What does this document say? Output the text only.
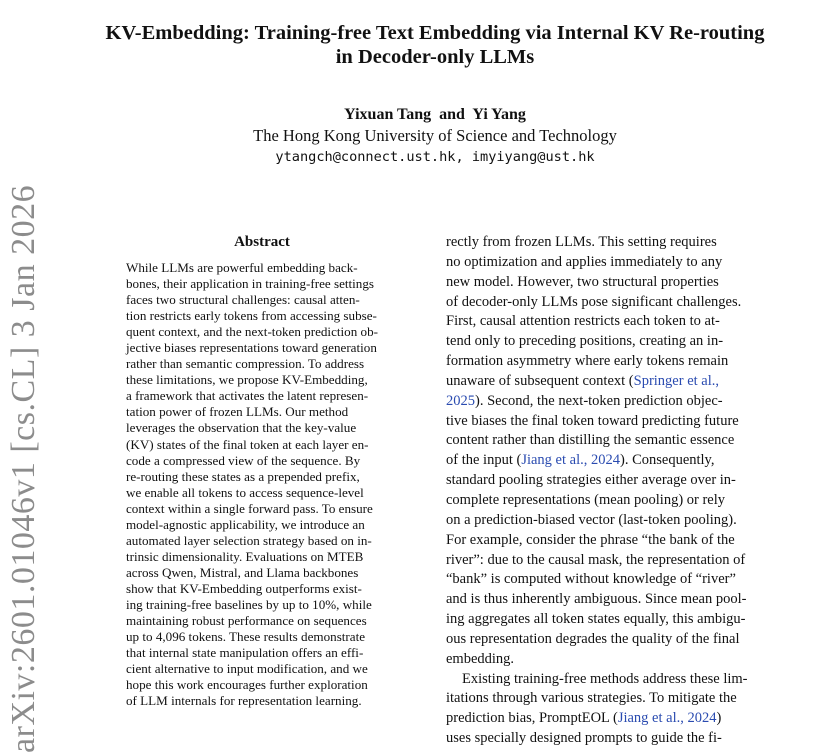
arXiv:2601.01046v1 [cs.CL] 3 Jan 2026
KV-Embedding: Training-free Text Embedding via Internal KV Re-routing
in Decoder-only LLMs
Yixuan Tang  and  Yi Yang
The Hong Kong University of Science and Technology
ytangch@connect.ust.hk, imyiyang@ust.hk
Abstract
While LLMs are powerful embedding back-
bones, their application in training-free settings
faces two structural challenges: causal atten-
tion restricts early tokens from accessing subse-
quent context, and the next-token prediction ob-
jective biases representations toward generation
rather than semantic compression. To address
these limitations, we propose KV-Embedding,
a framework that activates the latent represen-
tation power of frozen LLMs. Our method
leverages the observation that the key-value
(KV) states of the final token at each layer en-
code a compressed view of the sequence. By
re-routing these states as a prepended prefix,
we enable all tokens to access sequence-level
context within a single forward pass. To ensure
model-agnostic applicability, we introduce an
automated layer selection strategy based on in-
trinsic dimensionality. Evaluations on MTEB
across Qwen, Mistral, and Llama backbones
show that KV-Embedding outperforms exist-
ing training-free baselines by up to 10%, while
maintaining robust performance on sequences
up to 4,096 tokens. These results demonstrate
that internal state manipulation offers an effi-
cient alternative to input modification, and we
hope this work encourages further exploration
of LLM internals for representation learning.
rectly from frozen LLMs. This setting requires
no optimization and applies immediately to any
new model. However, two structural properties
of decoder-only LLMs pose significant challenges.
First, causal attention restricts each token to at-
tend only to preceding positions, creating an in-
formation asymmetry where early tokens remain
unaware of subsequent context (Springer et al.,
2025). Second, the next-token prediction objec-
tive biases the final token toward predicting future
content rather than distilling the semantic essence
of the input (Jiang et al., 2024). Consequently,
standard pooling strategies either average over in-
complete representations (mean pooling) or rely
on a prediction-biased vector (last-token pooling).
For example, consider the phrase “the bank of the
river”: due to the causal mask, the representation of
“bank” is computed without knowledge of “river”
and is thus inherently ambiguous. Since mean pool-
ing aggregates all token states equally, this ambigu-
ous representation degrades the quality of the final
embedding.
Existing training-free methods address these lim-
itations through various strategies. To mitigate the
prediction bias, PromptEOL (Jiang et al., 2024)
uses specially designed prompts to guide the fi-
